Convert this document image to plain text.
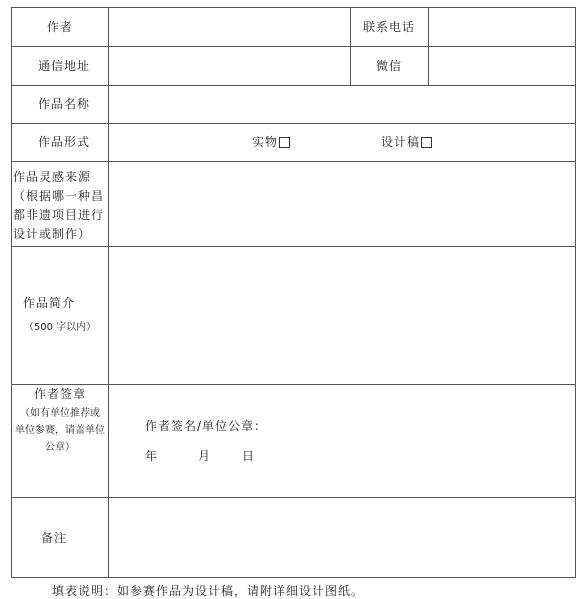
作者	联系电话
通信地址	微信
作品名称
作品形式	实物	设计稿
作品灵感来源
（根据哪一种昌
都非遗项目进行
设计或制作）
作品简介
（500 字以内）
作者签章
（如有单位推荐或
单位参赛，请盖单位
公章）
作者签名/单位公章：
年	月	日
备注
填表说明：如参赛作品为设计稿，请附详细设计图纸。
